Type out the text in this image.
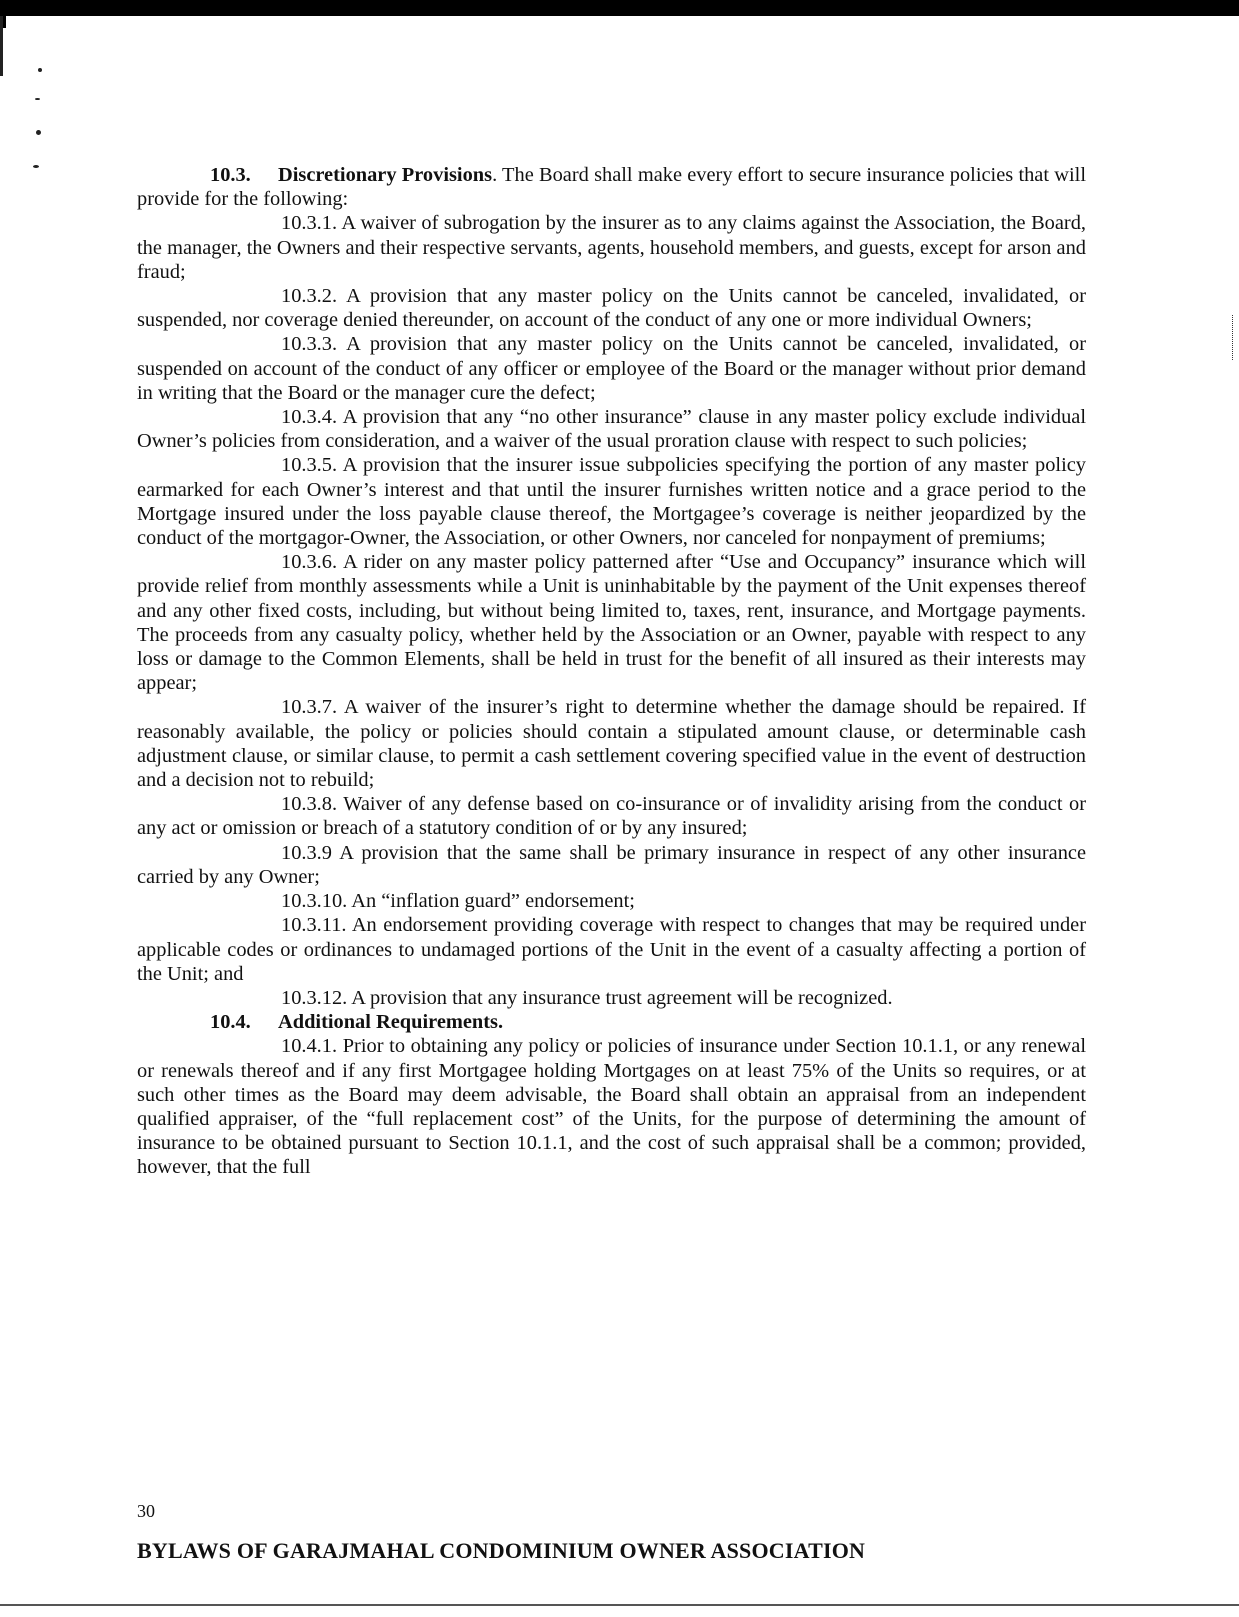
10.3. Discretionary Provisions. The Board shall make every effort to secure insurance policies that will provide for the following:

10.3.1. A waiver of subrogation by the insurer as to any claims against the Association, the Board, the manager, the Owners and their respective servants, agents, household members, and guests, except for arson and fraud;

10.3.2. A provision that any master policy on the Units cannot be canceled, invalidated, or suspended, nor coverage denied thereunder, on account of the conduct of any one or more individual Owners;

10.3.3. A provision that any master policy on the Units cannot be canceled, invalidated, or suspended on account of the conduct of any officer or employee of the Board or the manager without prior demand in writing that the Board or the manager cure the defect;

10.3.4. A provision that any “no other insurance” clause in any master policy exclude individual Owner’s policies from consideration, and a waiver of the usual proration clause with respect to such policies;

10.3.5. A provision that the insurer issue subpolicies specifying the portion of any master policy earmarked for each Owner’s interest and that until the insurer furnishes written notice and a grace period to the Mortgage insured under the loss payable clause thereof, the Mortgagee’s coverage is neither jeopardized by the conduct of the mortgagor-Owner, the Association, or other Owners, nor canceled for nonpayment of premiums;

10.3.6. A rider on any master policy patterned after “Use and Occupancy” insurance which will provide relief from monthly assessments while a Unit is uninhabitable by the payment of the Unit expenses thereof and any other fixed costs, including, but without being limited to, taxes, rent, insurance, and Mortgage payments. The proceeds from any casualty policy, whether held by the Association or an Owner, payable with respect to any loss or damage to the Common Elements, shall be held in trust for the benefit of all insured as their interests may appear;

10.3.7. A waiver of the insurer’s right to determine whether the damage should be repaired. If reasonably available, the policy or policies should contain a stipulated amount clause, or determinable cash adjustment clause, or similar clause, to permit a cash settlement covering specified value in the event of destruction and a decision not to rebuild;

10.3.8. Waiver of any defense based on co-insurance or of invalidity arising from the conduct or any act or omission or breach of a statutory condition of or by any insured;

10.3.9 A provision that the same shall be primary insurance in respect of any other insurance carried by any Owner;

10.3.10. An “inflation guard” endorsement;

10.3.11. An endorsement providing coverage with respect to changes that may be required under applicable codes or ordinances to undamaged portions of the Unit in the event of a casualty affecting a portion of the Unit; and

10.3.12. A provision that any insurance trust agreement will be recognized.

10.4. Additional Requirements.

10.4.1. Prior to obtaining any policy or policies of insurance under Section 10.1.1, or any renewal or renewals thereof and if any first Mortgagee holding Mortgages on at least 75% of the Units so requires, or at such other times as the Board may deem advisable, the Board shall obtain an appraisal from an independent qualified appraiser, of the “full replacement cost” of the Units, for the purpose of determining the amount of insurance to be obtained pursuant to Section 10.1.1, and the cost of such appraisal shall be a common; provided, however, that the full

30
BYLAWS OF GARAJMAHAL CONDOMINIUM OWNER ASSOCIATION
